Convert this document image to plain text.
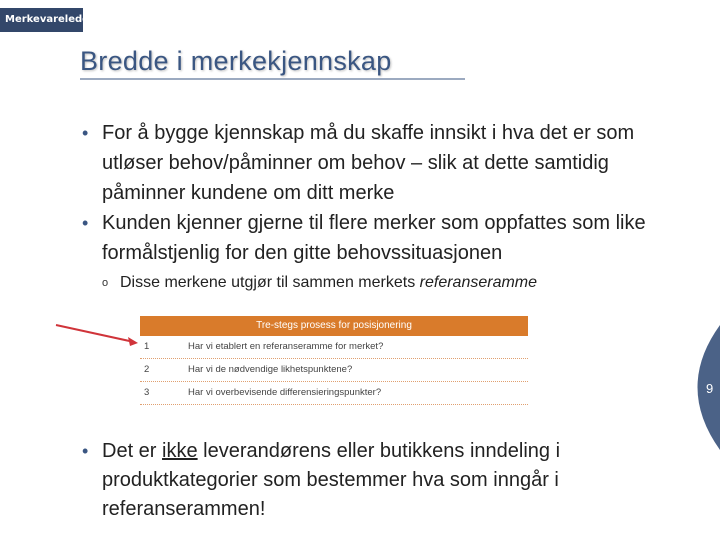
Merkevareledelse
Bredde i merkekjennskap
• For å bygge kjennskap må du skaffe innsikt i hva det er som utløser behov/påminner om behov – slik at dette samtidig påminner kundene om ditt merke
• Kunden kjenner gjerne til flere merker som oppfattes som like formålstjenlig for den gitte behovssituasjonen
o Disse merkene utgjør til sammen merkets referanseramme
Tre-stegs prosess for posisjonering
1	Har vi etablert en referanseramme for merket?
2	Har vi de nødvendige likhetspunktene?
3	Har vi overbevisende differensieringspunkter?	9
• Det er ikke leverandørens eller butikkens inndeling i produktkategorier som bestemmer hva som inngår i referanserammen!
